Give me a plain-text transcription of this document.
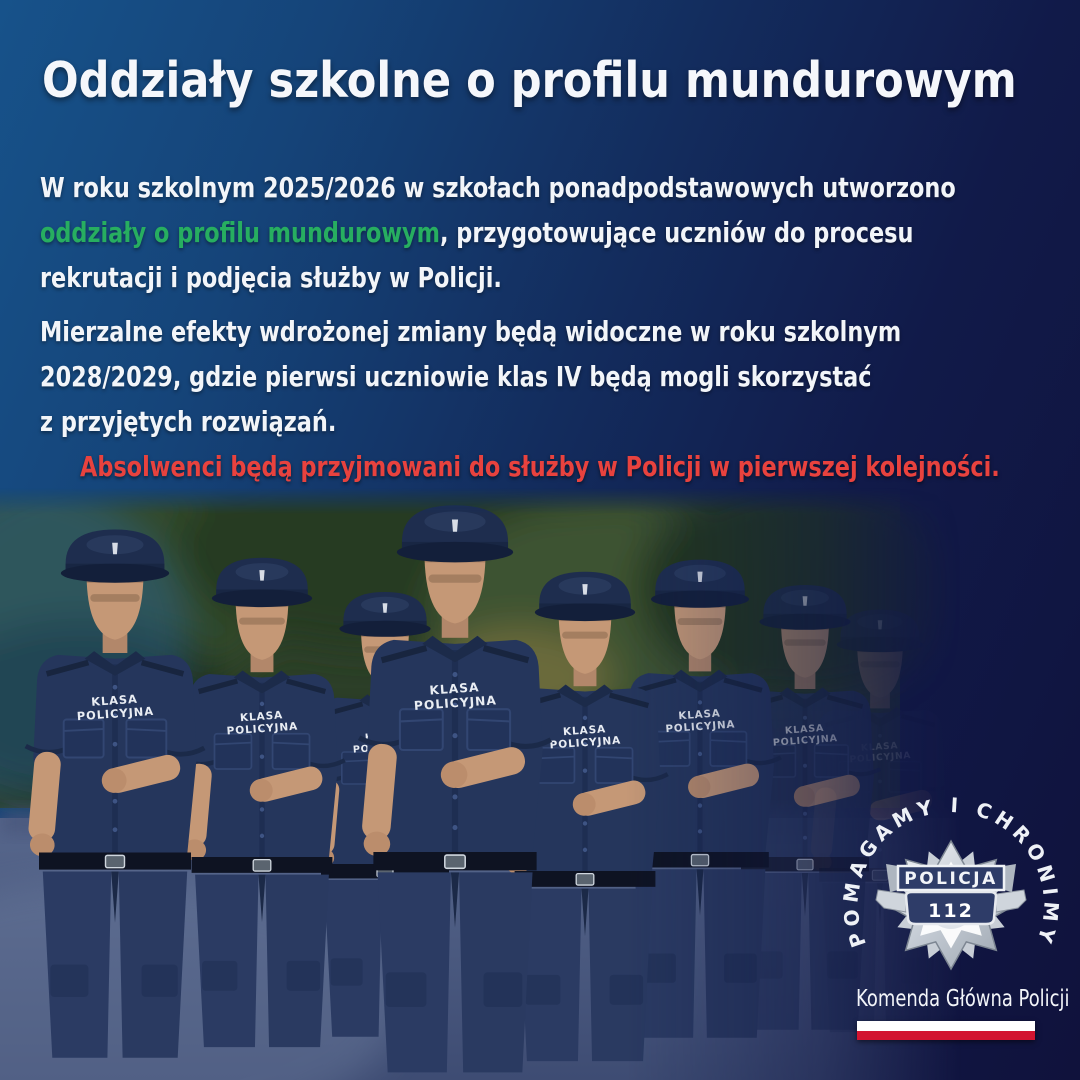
Oddziały szkolne o profilu mundurowym
W roku szkolnym 2025/2026 w szkołach ponadpodstawowych utworzono
oddziały o profilu mundurowym, przygotowujące uczniów do procesu
rekrutacji i podjęcia służby w Policji.
Mierzalne efekty wdrożonej zmiany będą widoczne w roku szkolnym
2028/2029, gdzie pierwsi uczniowie klas IV będą mogli skorzystać
z przyjętych rozwiązań.
Absolwenci będą przyjmowani do służby w Policji w pierwszej kolejności.
POMAGAMY I CHRONIMY
POLICJA
112
Komenda Główna Policji
